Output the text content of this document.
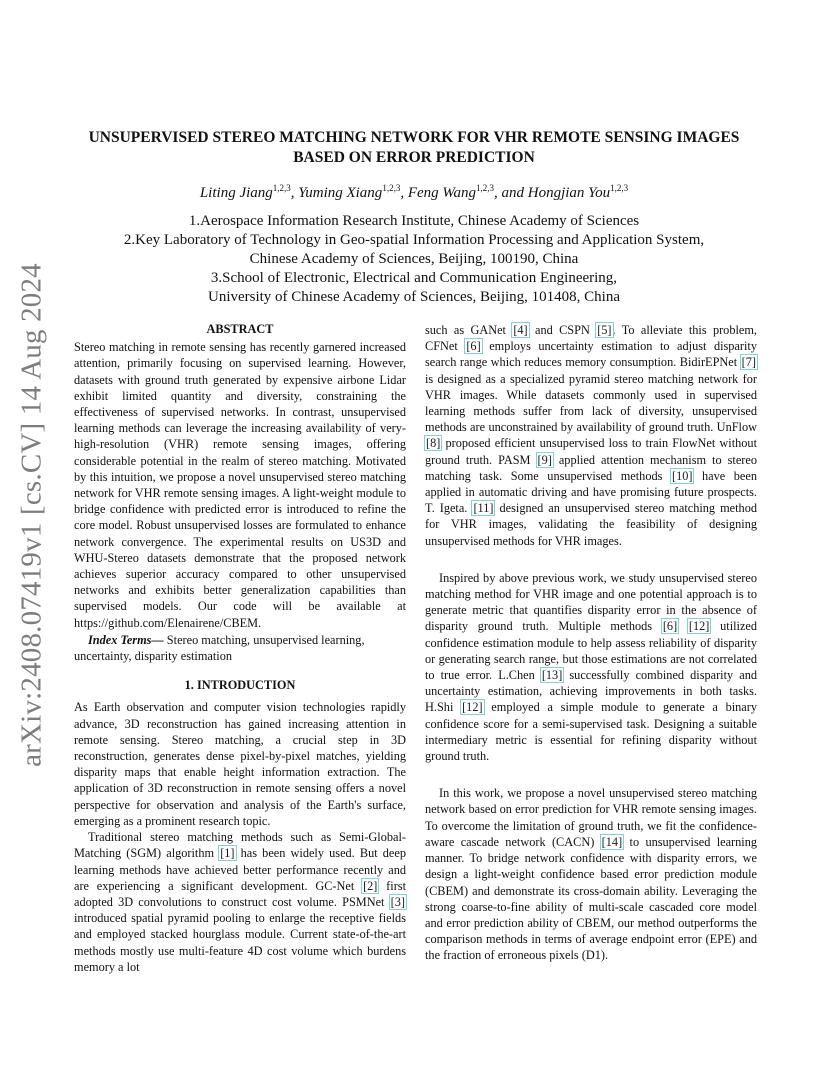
arXiv:2408.07419v1 [cs.CV] 14 Aug 2024
UNSUPERVISED STEREO MATCHING NETWORK FOR VHR REMOTE SENSING IMAGES
BASED ON ERROR PREDICTION
Liting Jiang$^{1,2,3}$, Yuming Xiang$^{1,2,3}$, Feng Wang$^{1,2,3}$, and Hongjian You$^{1,2,3}$
1.Aerospace Information Research Institute, Chinese Academy of Sciences
2.Key Laboratory of Technology in Geo-spatial Information Processing and Application System,
Chinese Academy of Sciences, Beijing, 100190, China
3.School of Electronic, Electrical and Communication Engineering,
University of Chinese Academy of Sciences, Beijing, 101408, China
ABSTRACT

Stereo matching in remote sensing has recently garnered increased attention, primarily focusing on supervised learning. However, datasets with ground truth generated by expensive airbone Lidar exhibit limited quantity and diversity, constraining the effectiveness of supervised networks. In contrast, unsupervised learning methods can leverage the increasing availability of very-high-resolution (VHR) remote sensing images, offering considerable potential in the realm of stereo matching. Motivated by this intuition, we propose a novel unsupervised stereo matching network for VHR remote sensing images. A light-weight module to bridge confidence with predicted error is introduced to refine the core model. Robust unsupervised losses are formulated to enhance network convergence. The experimental results on US3D and WHU-Stereo datasets demonstrate that the proposed network achieves superior accuracy compared to other unsupervised networks and exhibits better generalization capabilities than supervised models. Our code will be available at https://github.com/Elenairene/CBEM.

Index Terms— Stereo matching, unsupervised learning, uncertainty, disparity estimation

1. INTRODUCTION

As Earth observation and computer vision technologies rapidly advance, 3D reconstruction has gained increasing attention in remote sensing. Stereo matching, a crucial step in 3D reconstruction, generates dense pixel-by-pixel matches, yielding disparity maps that enable height information extraction. The application of 3D reconstruction in remote sensing offers a novel perspective for observation and analysis of the Earth's surface, emerging as a prominent research topic.

Traditional stereo matching methods such as Semi-Global-Matching (SGM) algorithm [1] has been widely used. But deep learning methods have achieved better performance recently and are experiencing a significant development. GC-Net [2] first adopted 3D convolutions to construct cost volume. PSMNet [3] introduced spatial pyramid pooling to enlarge the receptive fields and employed stacked hourglass module. Current state-of-the-art methods mostly use multi-feature 4D cost volume which burdens memory a lot

such as GANet [4] and CSPN [5]. To alleviate this problem, CFNet [6] employs uncertainty estimation to adjust disparity search range which reduces memory consumption. BidirEPNet [7] is designed as a specialized pyramid stereo matching network for VHR images. While datasets commonly used in supervised learning methods suffer from lack of diversity, unsupervised methods are unconstrained by availability of ground truth. UnFlow [8] proposed efficient unsupervised loss to train FlowNet without ground truth. PASM [9] applied attention mechanism to stereo matching task. Some unsupervised methods [10] have been applied in automatic driving and have promising future prospects. T. Igeta. [11] designed an unsupervised stereo matching method for VHR images, validating the feasibility of designing unsupervised methods for VHR images.

Inspired by above previous work, we study unsupervised stereo matching method for VHR image and one potential approach is to generate metric that quantifies disparity error in the absence of disparity ground truth. Multiple methods [6] [12] utilized confidence estimation module to help assess reliability of disparity or generating search range, but those estimations are not correlated to true error. L.Chen [13] successfully combined disparity and uncertainty estimation, achieving improvements in both tasks. H.Shi [12] employed a simple module to generate a binary confidence score for a semi-supervised task. Designing a suitable intermediary metric is essential for refining disparity without ground truth.

In this work, we propose a novel unsupervised stereo matching network based on error prediction for VHR remote sensing images. To overcome the limitation of ground truth, we fit the confidence-aware cascade network (CACN) [14] to unsupervised learning manner. To bridge network confidence with disparity errors, we design a light-weight confidence based error prediction module (CBEM) and demonstrate its cross-domain ability. Leveraging the strong coarse-to-fine ability of multi-scale cascaded core model and error prediction ability of CBEM, our method outperforms the comparison methods in terms of average endpoint error (EPE) and the fraction of erroneous pixels (D1).
